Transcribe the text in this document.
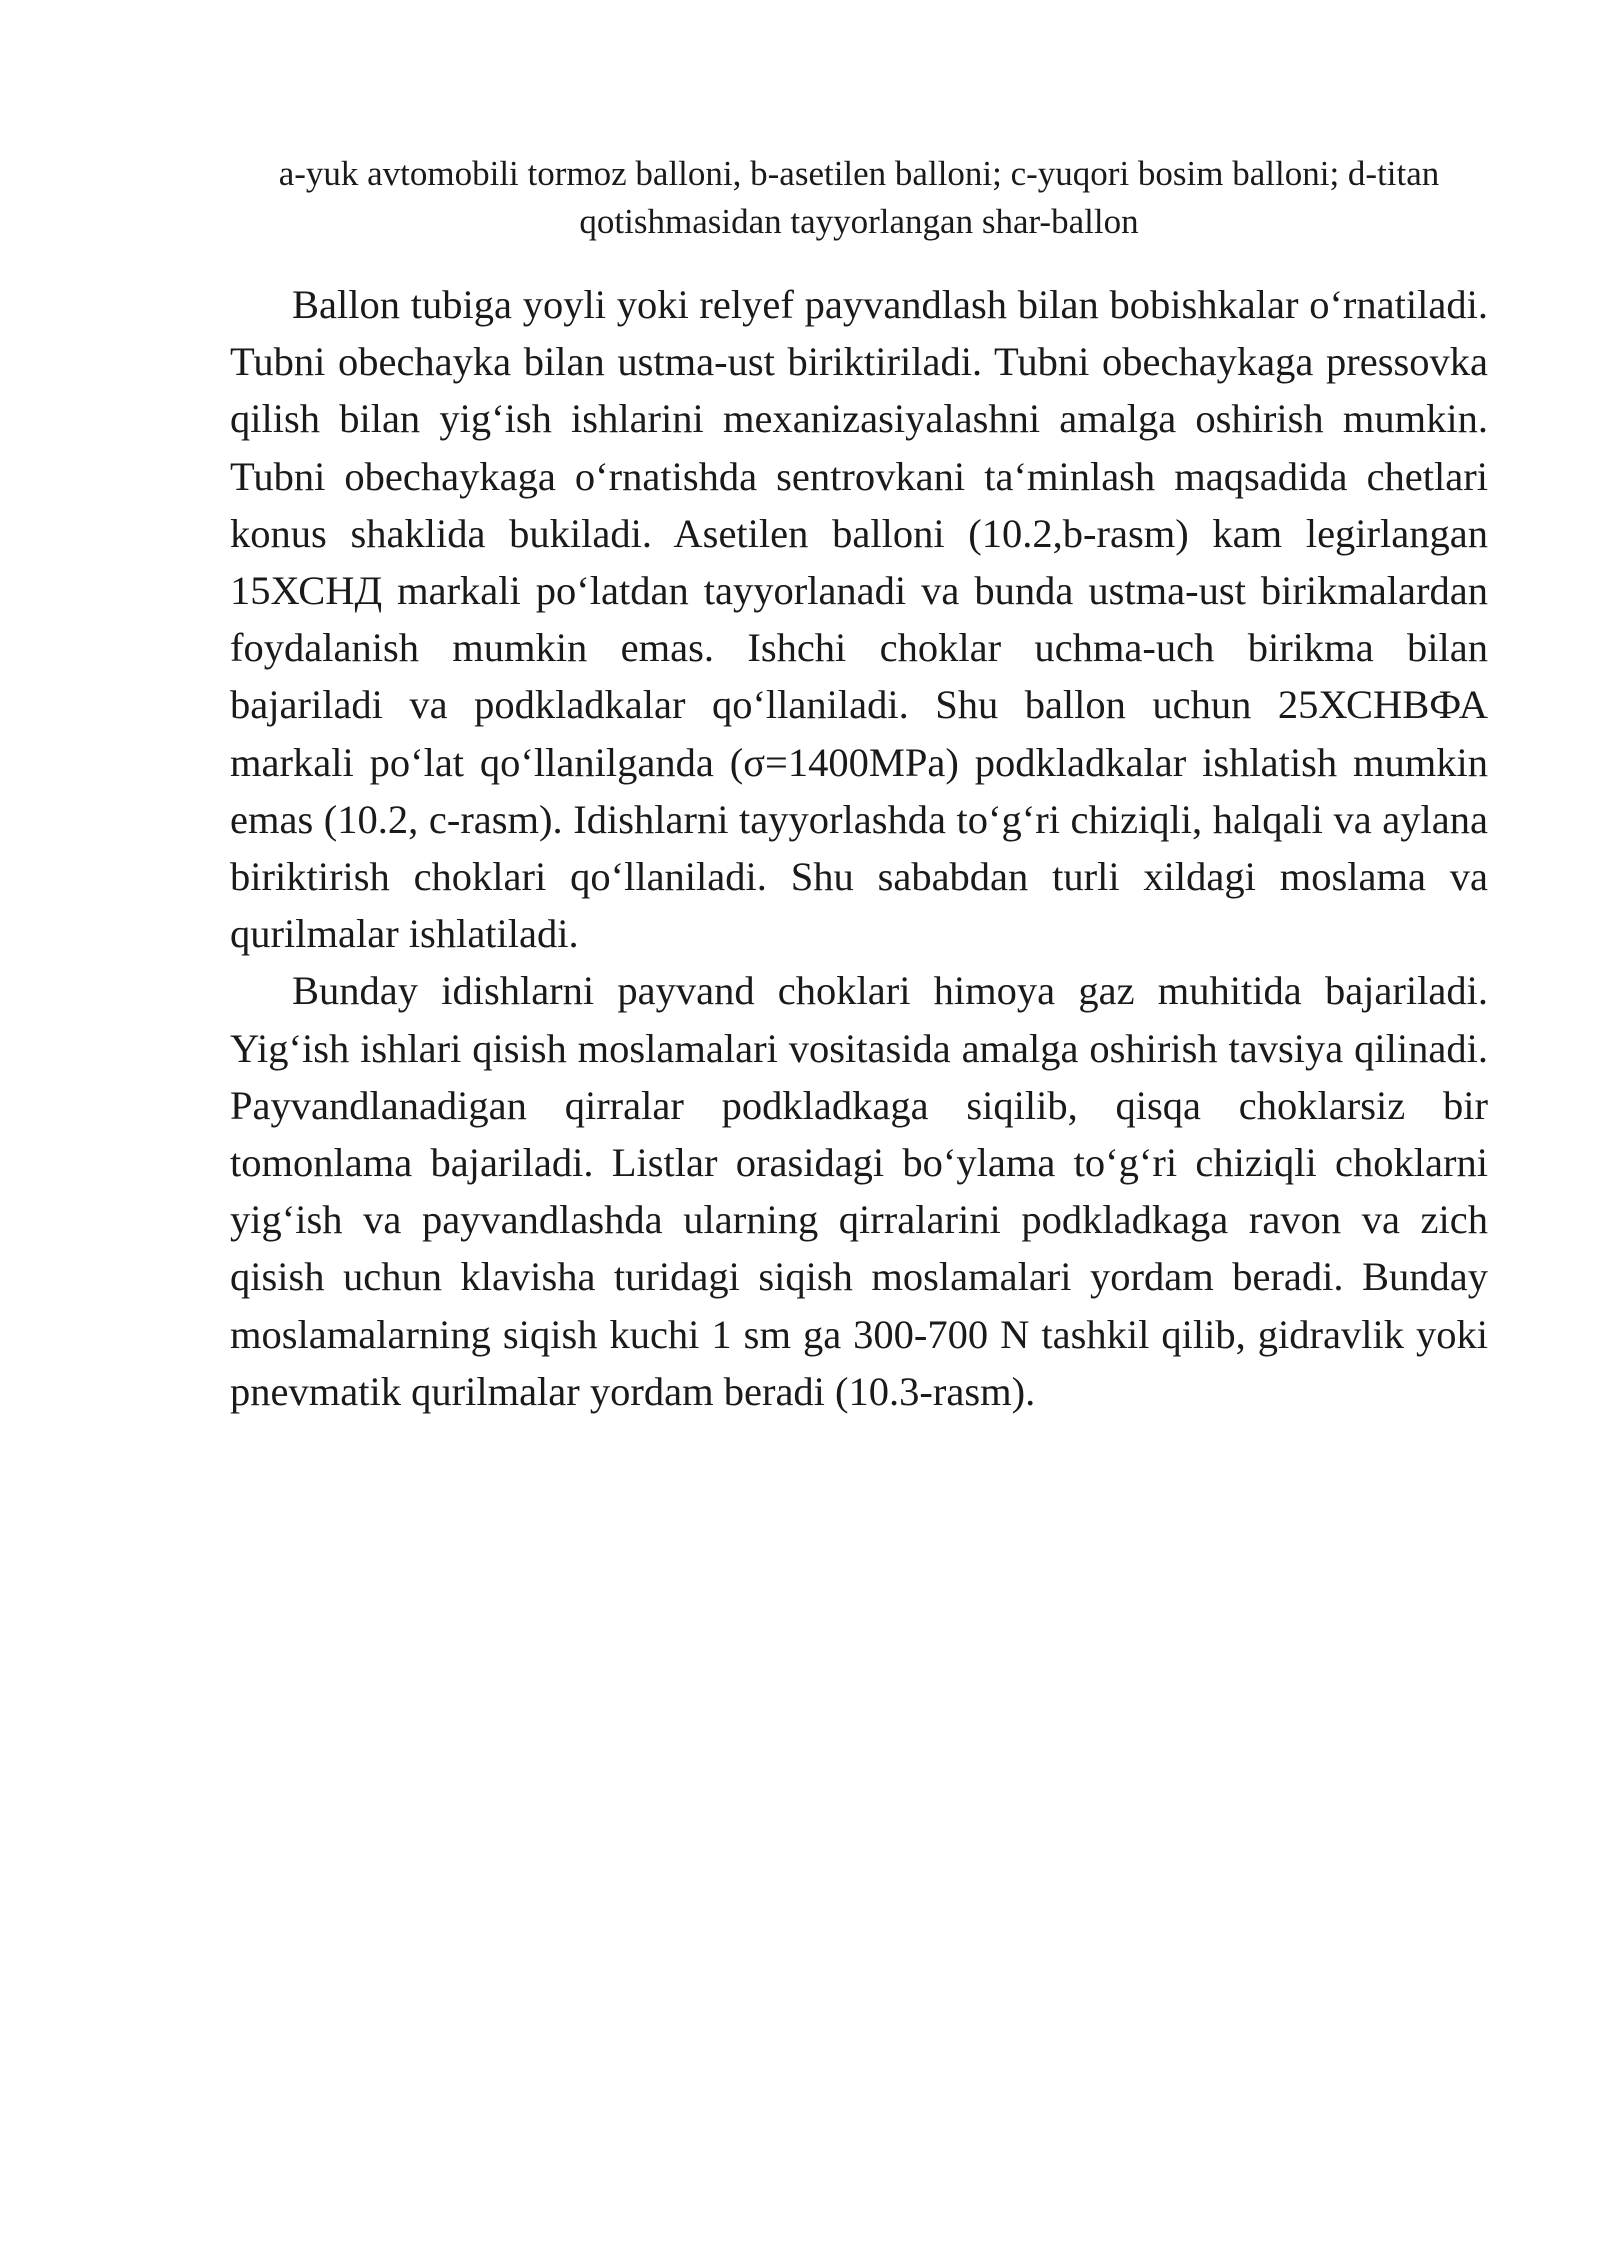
a-yuk avtomobili tormoz balloni, b-asetilen balloni; c-yuqori bosim balloni; d-titan
qotishmasidan tayyorlangan shar-ballon

Ballon tubiga yoyli yoki relyef payvandlash bilan bobishkalar o‘rnatiladi. Tubni obechayka bilan ustma-ust biriktiriladi. Tubni obechaykaga pressovka qilish bilan yig‘ish ishlarini mexanizasiyalashni amalga oshirish mumkin. Tubni obechaykaga o‘rnatishda sentrovkani ta‘minlash maqsadida chetlari konus shaklida bukiladi. Asetilen balloni (10.2,b-rasm) kam legirlangan 15ХСНД markali po‘latdan tayyorlanadi va bunda ustma-ust birikmalardan foydalanish mumkin emas. Ishchi choklar uchma-uch birikma bilan bajariladi va podkladkalar qo‘llaniladi. Shu ballon uchun 25ХСНВФА markali po‘lat qo‘llanilganda (σ=1400MPa) podkladkalar ishlatish mumkin emas (10.2, c-rasm). Idishlarni tayyorlashda to‘g‘ri chiziqli, halqali va aylana biriktirish choklari qo‘llaniladi. Shu sababdan turli xildagi moslama va qurilmalar ishlatiladi.

Bunday idishlarni payvand choklari himoya gaz muhitida bajariladi. Yig‘ish ishlari qisish moslamalari vositasida amalga oshirish tavsiya qilinadi. Payvandlanadigan qirralar podkladkaga siqilib, qisqa choklarsiz bir tomonlama bajariladi. Listlar orasidagi bo‘ylama to‘g‘ri chiziqli choklarni yig‘ish va payvandlashda ularning qirralarini podkladkaga ravon va zich qisish uchun klavisha turidagi siqish moslamalari yordam beradi. Bunday moslamalarning siqish kuchi 1 sm ga 300-700 N tashkil qilib, gidravlik yoki pnevmatik qurilmalar yordam beradi (10.3-rasm).
